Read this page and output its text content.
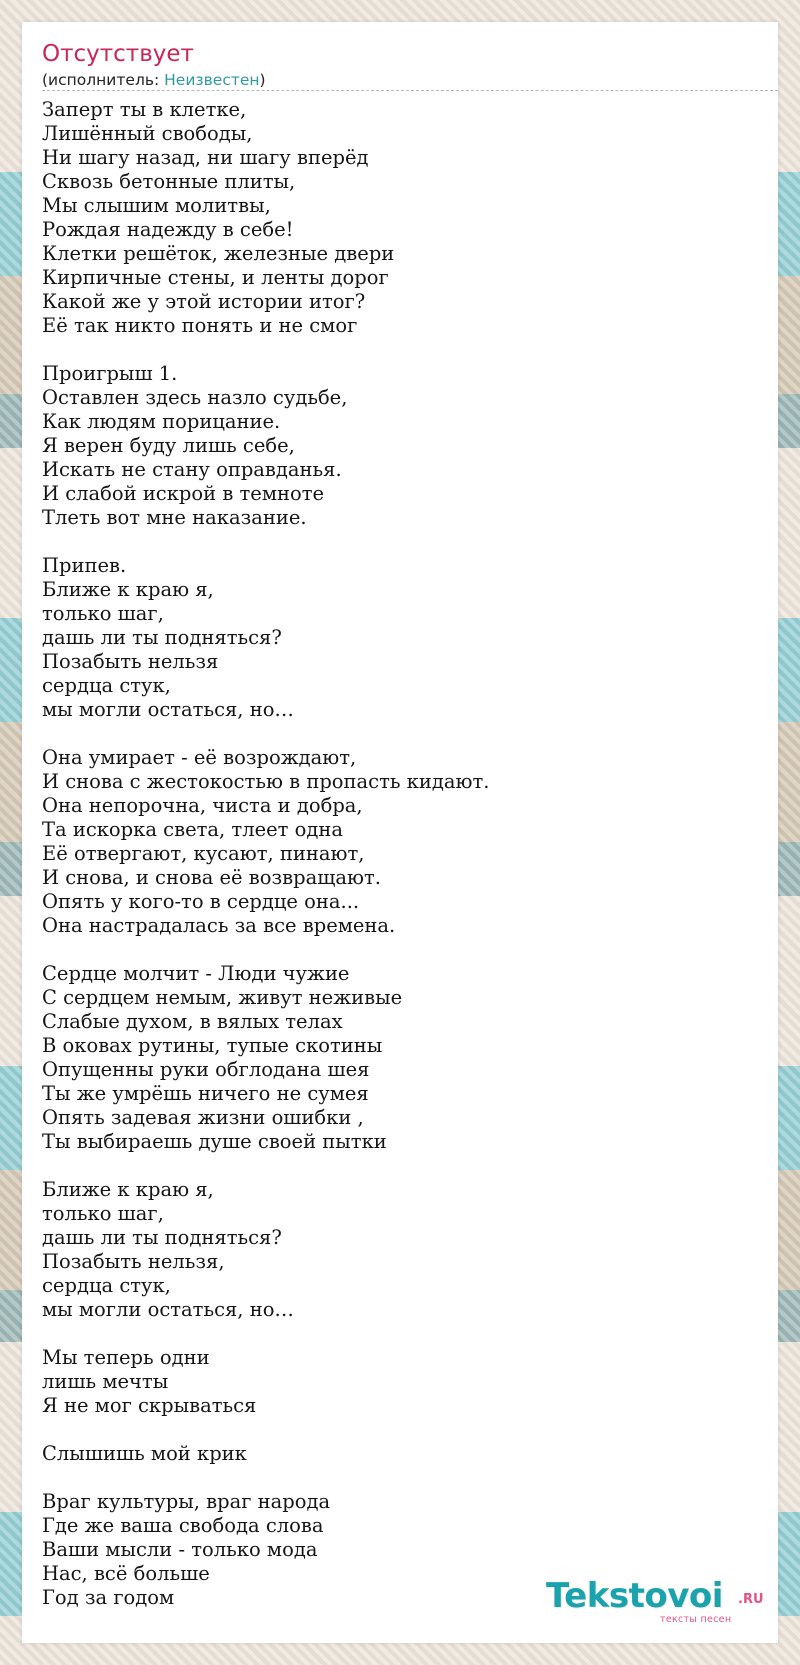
Отсутствует
(исполнитель: Неизвестен)
Заперт ты в клетке,
Лишённый свободы,
Ни шагу назад, ни шагу вперёд
Сквозь бетонные плиты,
Мы слышим молитвы,
Рождая надежду в себе!
Клетки решёток, железные двери
Кирпичные стены, и ленты дорог
Какой же у этой истории итог?
Её так никто понять и не смог

Проигрыш 1.
Оставлен здесь назло судьбе,
Как людям порицание.
Я верен буду лишь себе,
Искать не стану оправданья.
И слабой искрой в темноте
Тлеть вот мне наказание.

Припев.
Ближе к краю я,
только шаг,
дашь ли ты подняться?
Позабыть нельзя
сердца стук,
мы могли остаться, но…

Она умирает - её возрождают,
И снова с жестокостью в пропасть кидают.
Она непорочна, чиста и добра,
Та искорка света, тлеет одна
Её отвергают, кусают, пинают,
И снова, и снова её возвращают.
Опять у кого-то в сердце она...
Она настрадалась за все времена.

Сердце молчит - Люди чужие
С сердцем немым, живут неживые
Слабые духом, в вялых телах
В оковах рутины, тупые скотины
Опущенны руки обглодана шея
Ты же умрёшь ничего не сумея
Опять задевая жизни ошибки ,
Ты выбираешь душе своей пытки

Ближе к краю я,
только шаг,
дашь ли ты подняться?
Позабыть нельзя,
сердца стук,
мы могли остаться, но…

Мы теперь одни
лишь мечты
Я не мог скрываться

Слышишь мой крик

Враг культуры, враг народа
Где же ваша свобода слова
Ваши мысли - только мода
Нас, всё больше
Год за годом	Tekstovoi .RU
тексты песен
